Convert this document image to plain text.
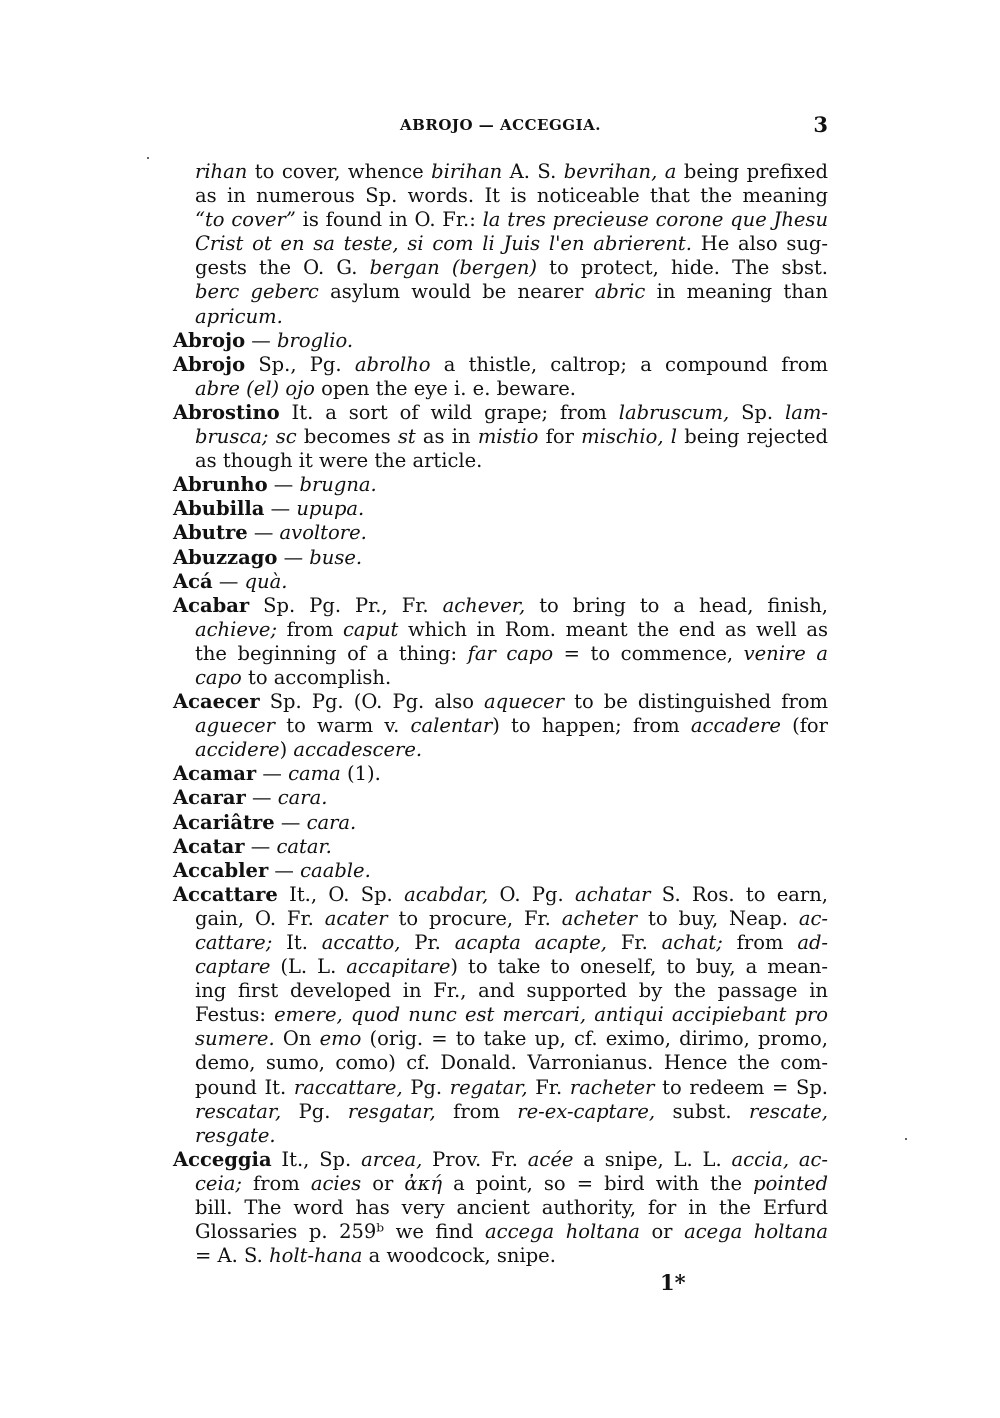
ABROJO — ACCEGGIA.	3
rihan to cover, whence birihan A. S. bevrihan, a being prefixed
as in numerous Sp. words. It is noticeable that the meaning
“to cover” is found in O. Fr.: la tres precieuse corone que Jhesu
Crist ot en sa teste, si com li Juis l'en abrierent. He also sug-
gests the O. G. bergan (bergen) to protect, hide. The sbst.
berc geberc asylum would be nearer abric in meaning than
apricum.
Abrojo — broglio.
Abrojo Sp., Pg. abrolho a thistle, caltrop; a compound from
abre (el) ojo open the eye i. e. beware.
Abrostino It. a sort of wild grape; from labruscum, Sp. lam-
brusca; sc becomes st as in mistio for mischio, l being rejected
as though it were the article.
Abrunho — brugna.
Abubilla — upupa.
Abutre — avoltore.
Abuzzago — buse.
Acá — quà.
Acabar Sp. Pg. Pr., Fr. achever, to bring to a head, finish,
achieve; from caput which in Rom. meant the end as well as
the beginning of a thing: far capo = to commence, venire a
capo to accomplish.
Acaecer Sp. Pg. (O. Pg. also aquecer to be distinguished from
aguecer to warm v. calentar) to happen; from accadere (for
accidere) accadescere.
Acamar — cama (1).
Acarar — cara.
Acariâtre — cara.
Acatar — catar.
Accabler — caable.
Accattare It., O. Sp. acabdar, O. Pg. achatar S. Ros. to earn,
gain, O. Fr. acater to procure, Fr. acheter to buy, Neap. ac-
cattare; It. accatto, Pr. acapta acapte, Fr. achat; from ad-
captare (L. L. accapitare) to take to oneself, to buy, a mean-
ing first developed in Fr., and supported by the passage in
Festus: emere, quod nunc est mercari, antiqui accipiebant pro
sumere. On emo (orig. = to take up, cf. eximo, dirimo, promo,
demo, sumo, como) cf. Donald. Varronianus. Hence the com-
pound It. raccattare, Pg. regatar, Fr. racheter to redeem = Sp.
rescatar, Pg. resgatar, from re-ex-captare, subst. rescate,
resgate.
Acceggia It., Sp. arcea, Prov. Fr. acée a snipe, L. L. accia, ac-
ceia; from acies or ἀκή a point, so = bird with the pointed
bill. The word has very ancient authority, for in the Erfurd
Glossaries p. 259ᵇ we find accega holtana or acega holtana
= A. S. holt-hana a woodcock, snipe.
1*
